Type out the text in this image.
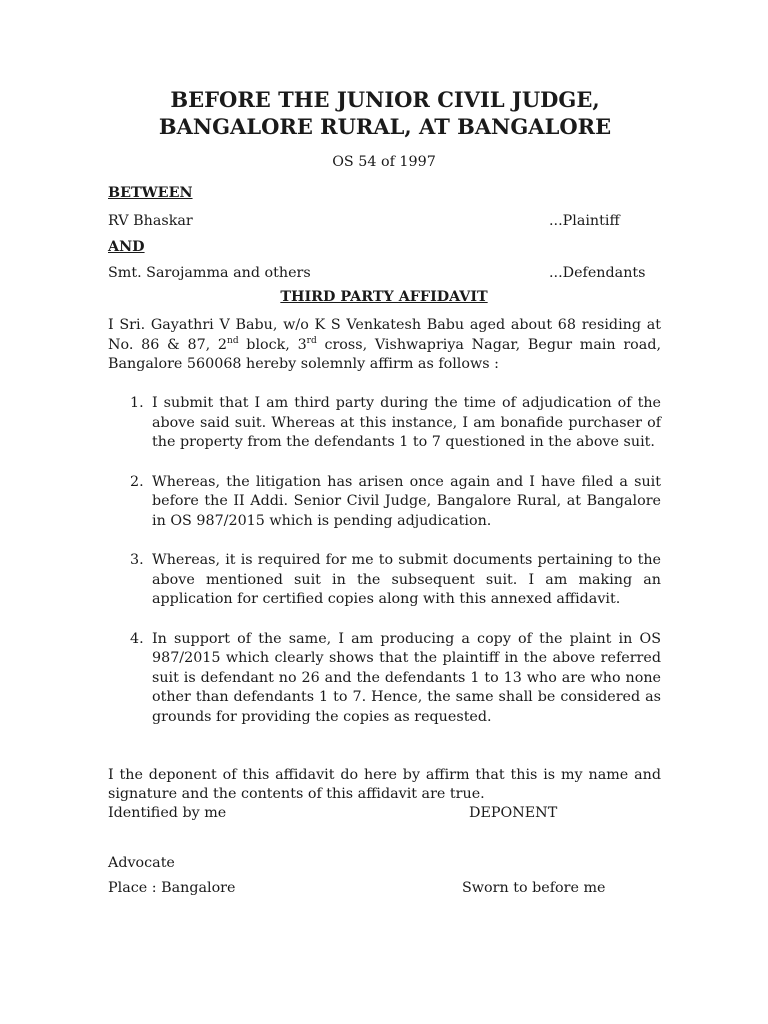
BEFORE THE JUNIOR CIVIL JUDGE, BANGALORE RURAL, AT BANGALORE
OS 54 of 1997
BETWEEN
RV Bhaskar	...Plaintiff
AND
Smt. Sarojamma and others	...Defendants
THIRD PARTY AFFIDAVIT

I Sri. Gayathri V Babu, w/o K S Venkatesh Babu aged about 68 residing at No. 86 & 87, 2nd block, 3rd cross, Vishwapriya Nagar, Begur main road, Bangalore 560068 hereby solemnly affirm as follows :

1. I submit that I am third party during the time of adjudication of the above said suit. Whereas at this instance, I am bonafide purchaser of the property from the defendants 1 to 7 questioned in the above suit.
2. Whereas, the litigation has arisen once again and I have filed a suit before the II Addi. Senior Civil Judge, Bangalore Rural, at Bangalore in OS 987/2015 which is pending adjudication.
3. Whereas, it is required for me to submit documents pertaining to the above mentioned suit in the subsequent suit. I am making an application for certified copies along with this annexed affidavit.
4. In support of the same, I am producing a copy of the plaint in OS 987/2015 which clearly shows that the plaintiff in the above referred suit is defendant no 26 and the defendants 1 to 13 who are who none other than defendants 1 to 7. Hence, the same shall be considered as grounds for providing the copies as requested.

I the deponent of this affidavit do here by affirm that this is my name and signature and the contents of this affidavit are true.

Identified by me	DEPONENT
Advocate
Place : Bangalore	Sworn to before me
